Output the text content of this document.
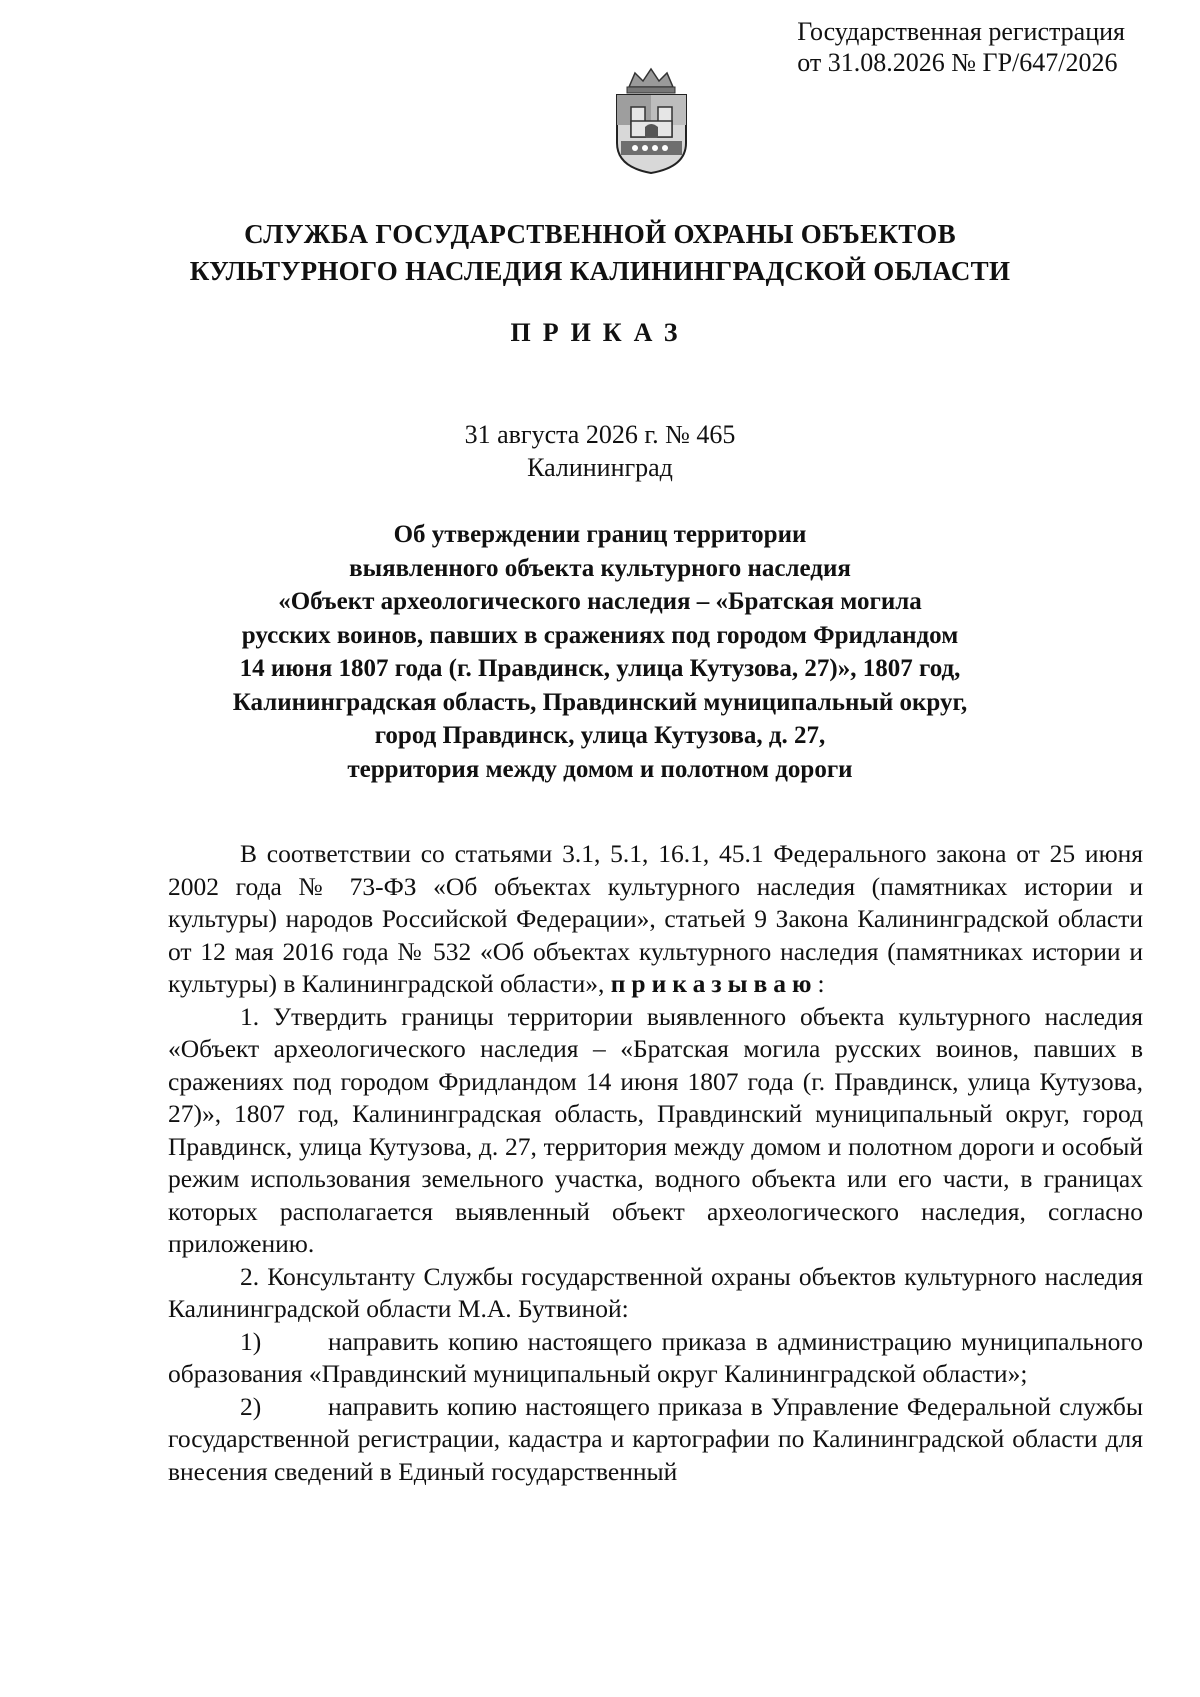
Государственная регистрация
от 31.08.2026 № ГР/647/2026
СЛУЖБА ГОСУДАРСТВЕННОЙ ОХРАНЫ ОБЪЕКТОВ
КУЛЬТУРНОГО НАСЛЕДИЯ КАЛИНИНГРАДСКОЙ ОБЛАСТИ
ПРИКАЗ
31 августа 2026 г. № 465
Калининград
Об утверждении границ территории
выявленного объекта культурного наследия
«Объект археологического наследия – «Братская могила
русских воинов, павших в сражениях под городом Фридландом
14 июня 1807 года (г. Правдинск, улица Кутузова, 27)», 1807 год,
Калининградская область, Правдинский муниципальный округ,
город Правдинск, улица Кутузова, д. 27,
территория между домом и полотном дороги

В соответствии со статьями 3.1, 5.1, 16.1, 45.1 Федерального закона от 25 июня 2002 года № 73-ФЗ «Об объектах культурного наследия (памятниках истории и культуры) народов Российской Федерации», статьей 9 Закона Калининградской области от 12 мая 2016 года № 532 «Об объектах культурного наследия (памятниках истории и культуры) в Калининградской области», приказываю:

1. Утвердить границы территории выявленного объекта культурного наследия «Объект археологического наследия – «Братская могила русских воинов, павших в сражениях под городом Фридландом 14 июня 1807 года (г. Правдинск, улица Кутузова, 27)», 1807 год, Калининградская область, Правдинский муниципальный округ, город Правдинск, улица Кутузова, д. 27, территория между домом и полотном дороги и особый режим использования земельного участка, водного объекта или его части, в границах которых располагается выявленный объект археологического наследия, согласно приложению.

2. Консультанту Службы государственной охраны объектов культурного наследия Калининградской области М.А. Бутвиной:

1)	направить копию настоящего приказа в администрацию муниципального образования «Правдинский муниципальный округ Калининградской области»;

2)	направить копию настоящего приказа в Управление Федеральной службы государственной регистрации, кадастра и картографии по Калининградской области для внесения сведений в Единый государственный
